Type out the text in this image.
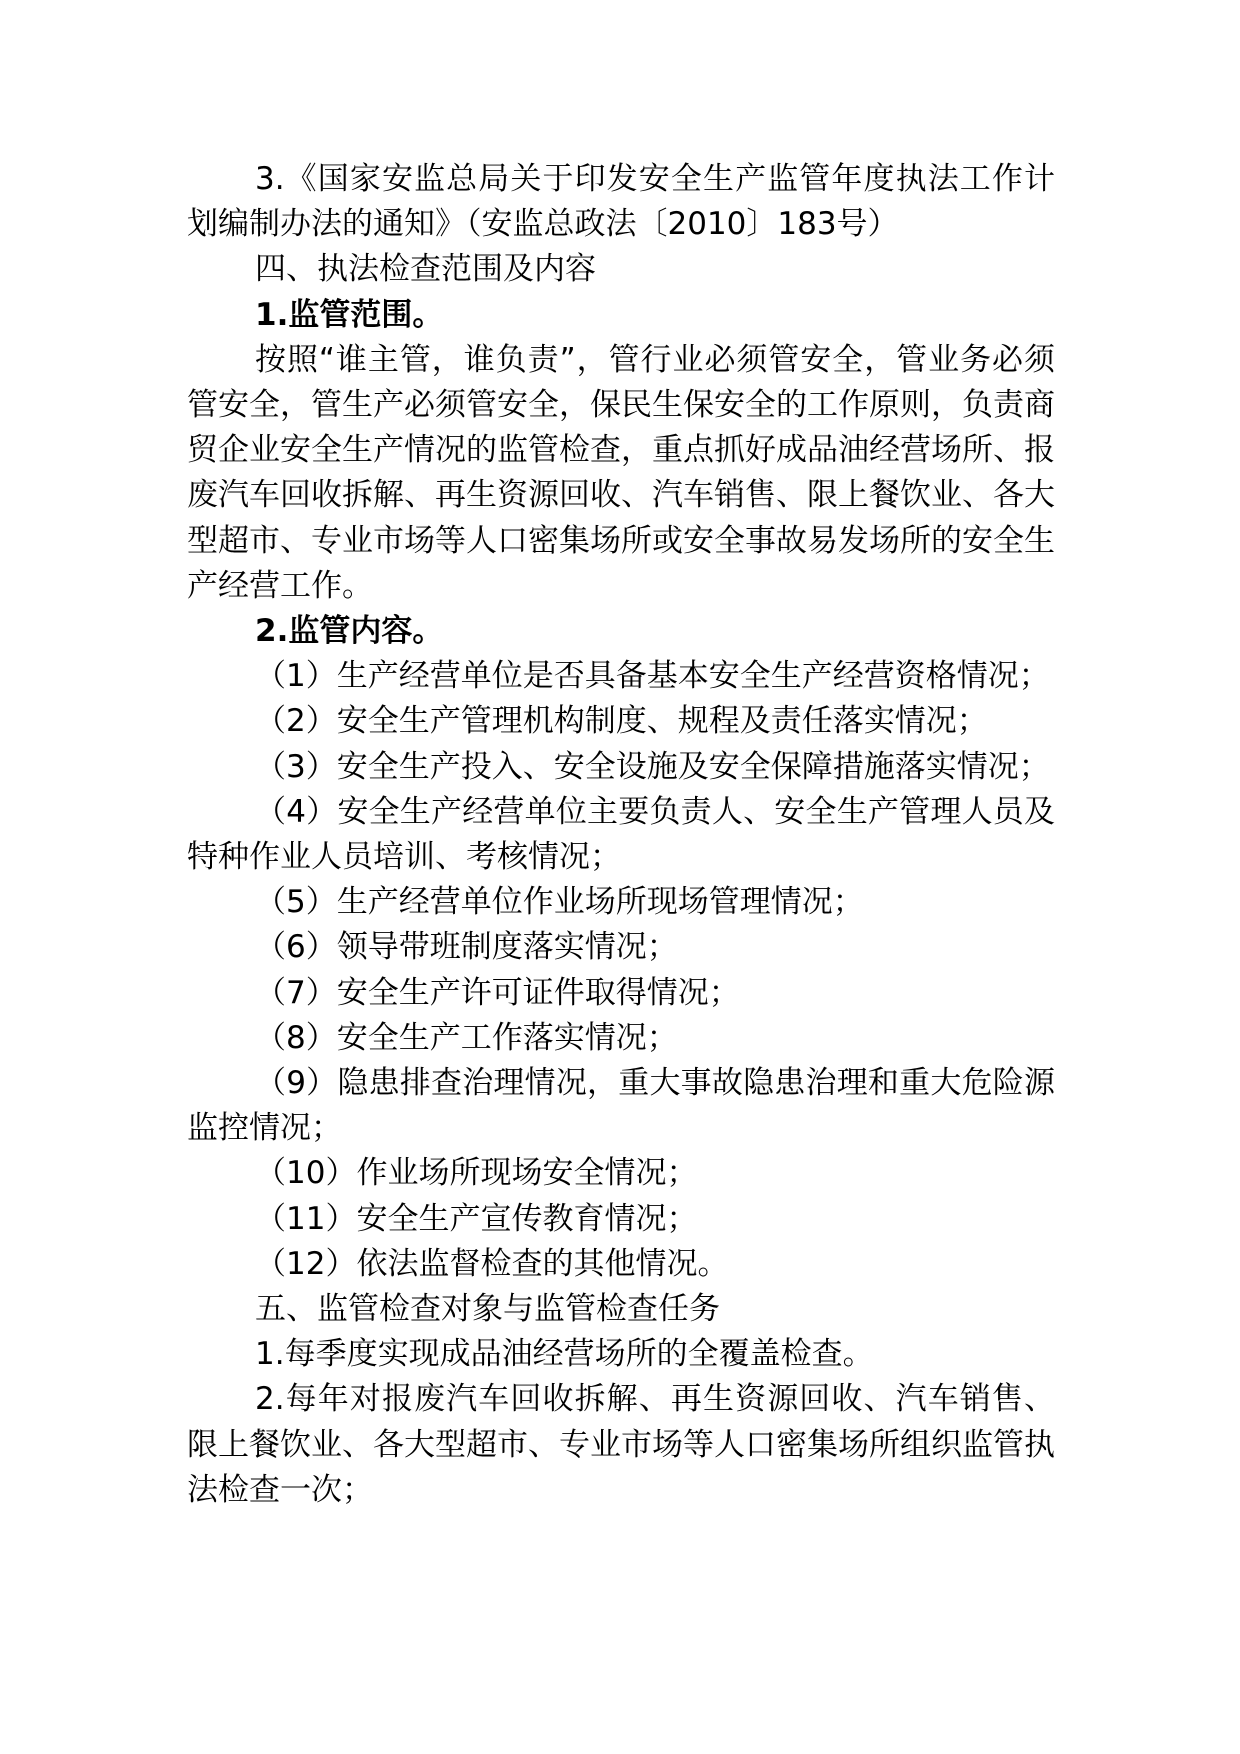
3.《国家安监总局关于印发安全生产监管年度执法工作计划编制办法的通知》（安监总政法〔2010〕183号）

四、执法检查范围及内容

1.监管范围。

按照“谁主管，谁负责”，管行业必须管安全，管业务必须管安全，管生产必须管安全，保民生保安全的工作原则，负责商贸企业安全生产情况的监管检查，重点抓好成品油经营场所、报废汽车回收拆解、再生资源回收、汽车销售、限上餐饮业、各大型超市、专业市场等人口密集场所或安全事故易发场所的安全生产经营工作。

2.监管内容。

（1）生产经营单位是否具备基本安全生产经营资格情况；

（2）安全生产管理机构制度、规程及责任落实情况；

（3）安全生产投入、安全设施及安全保障措施落实情况；

（4）安全生产经营单位主要负责人、安全生产管理人员及特种作业人员培训、考核情况；

（5）生产经营单位作业场所现场管理情况；

（6）领导带班制度落实情况；

（7）安全生产许可证件取得情况；

（8）安全生产工作落实情况；

（9）隐患排查治理情况，重大事故隐患治理和重大危险源监控情况；

（10）作业场所现场安全情况；

（11）安全生产宣传教育情况；

（12）依法监督检查的其他情况。

五、监管检查对象与监管检查任务

1.每季度实现成品油经营场所的全覆盖检查。

2.每年对报废汽车回收拆解、再生资源回收、汽车销售、限上餐饮业、各大型超市、专业市场等人口密集场所组织监管执法检查一次；
